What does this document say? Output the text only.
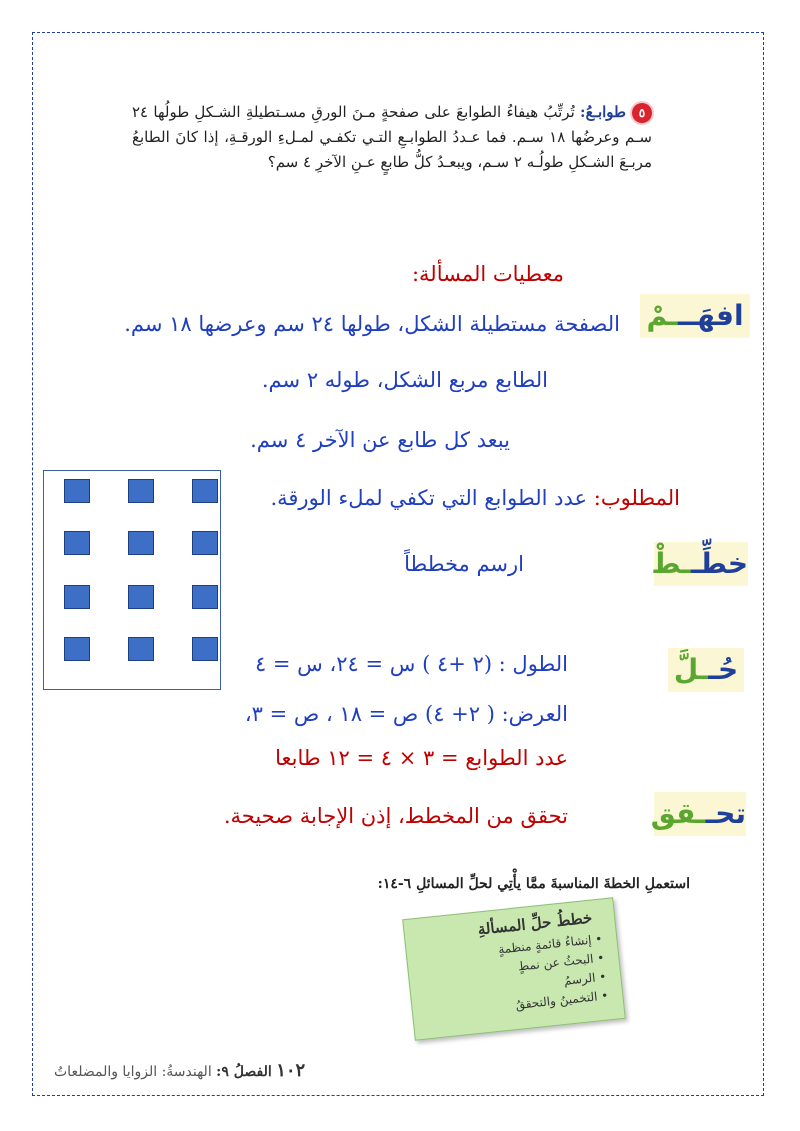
٥طوابـعُ: تُرتِّبُ هيفاءُ الطوابعَ على صفحةٍ مـنَ الورقِ مسـتطيلةِ الشـكلِ طولُها ٢٤ سـم وعرضُها ١٨ سـم. فما عـددُ الطوابـعِ التـي تكفـي لمـلءِ الورقـةِ، إذا كانَ الطابعُ مربـعَ الشـكلِ طولُـه ٢ سـم، ويبعـدُ كلُّ طابعٍ عـنِ الآخرِ ٤ سم؟
معطيات المسألة:
افهَـــمْ
الصفحة مستطيلة الشكل، طولها ٢٤ سم وعرضها ١٨ سم.
الطابع مربع الشكل، طوله ٢ سم.
يبعد كل طابع عن الآخر ٤ سم.
المطلوب: عدد الطوابع التي تكفي لملء الورقة.
خطِّــطْ
ارسم مخططاً
حُــلَّ
الطول : (٢ +٤ ) س = ٢٤، س = ٤
العرض: ( ٢+ ٤) ص = ١٨ ، ص = ٣،
عدد الطوابع = ٣ × ٤ = ١٢ طابعا
تحــقق
تحقق من المخطط، إذن الإجابة صحيحة.
استعملِ الخطةَ المناسبةَ ممَّا يأْتِي لحلِّ المسائلِ ٦-١٤:
خططُ حلِّ المسألةِ
• إنشاءُ قائمةٍ منظمةٍ
• البحثُ عن نمطٍ
• الرسمُ
• التخمينُ والتحققُ
١٠٢ الفصلُ ٩: الهندسةُ: الزوايا والمضلعاتُ
